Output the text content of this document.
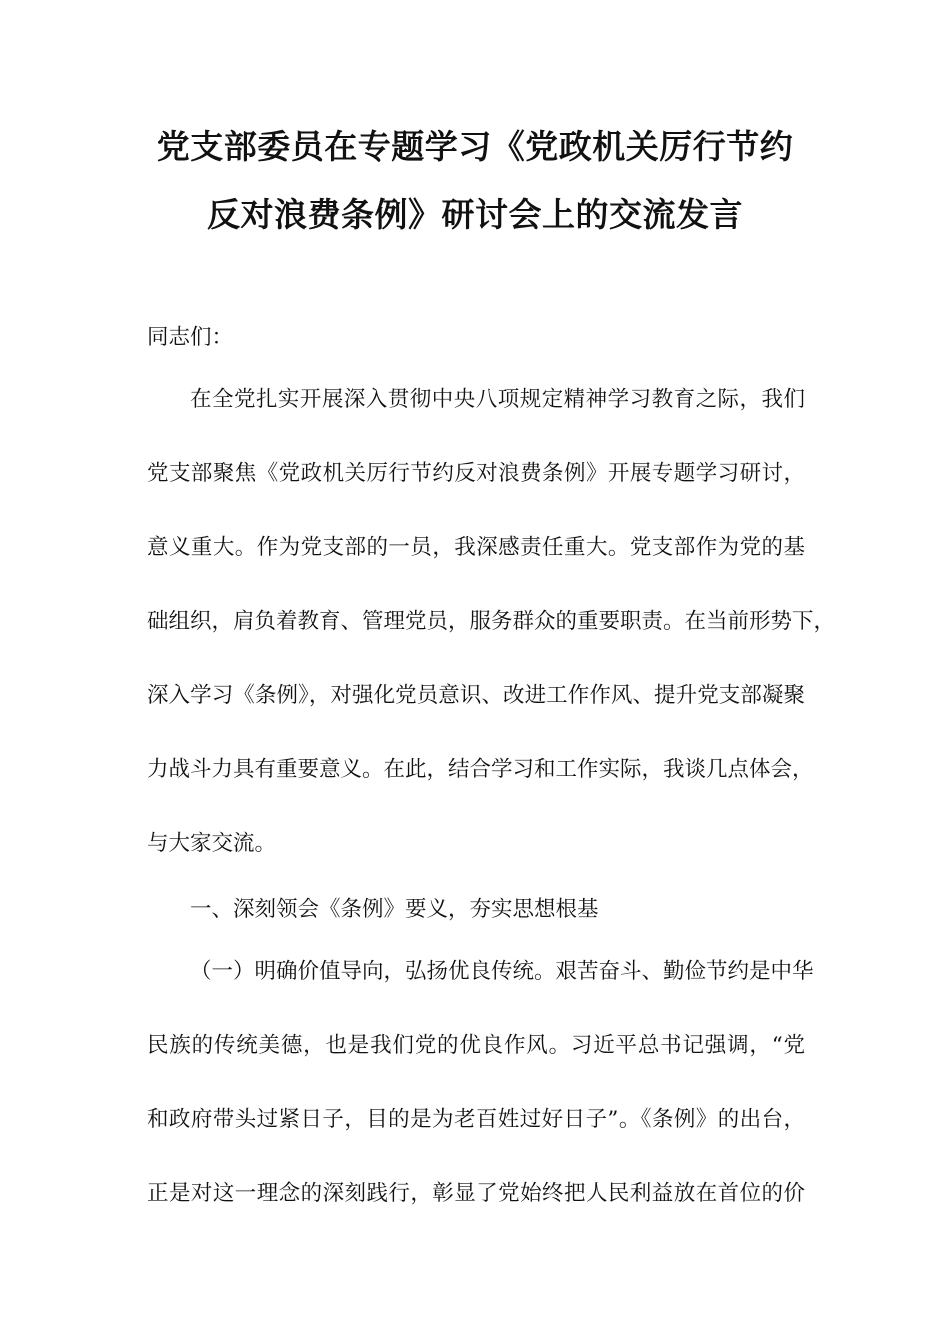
党支部委员在专题学习《党政机关厉行节约
反对浪费条例》研讨会上的交流发言
同志们：
在全党扎实开展深入贯彻中央八项规定精神学习教育之际，我们
党支部聚焦《党政机关厉行节约反对浪费条例》开展专题学习研讨，
意义重大。作为党支部的一员，我深感责任重大。党支部作为党的基
础组织，肩负着教育、管理党员，服务群众的重要职责。在当前形势下，
深入学习《条例》，对强化党员意识、改进工作作风、提升党支部凝聚
力战斗力具有重要意义。在此，结合学习和工作实际，我谈几点体会，
与大家交流。
一、深刻领会《条例》要义，夯实思想根基
（一）明确价值导向，弘扬优良传统。艰苦奋斗、勤俭节约是中华
民族的传统美德，也是我们党的优良作风。习近平总书记强调，“党
和政府带头过紧日子，目的是为老百姓过好日子”。《条例》的出台，
正是对这一理念的深刻践行，彰显了党始终把人民利益放在首位的价
